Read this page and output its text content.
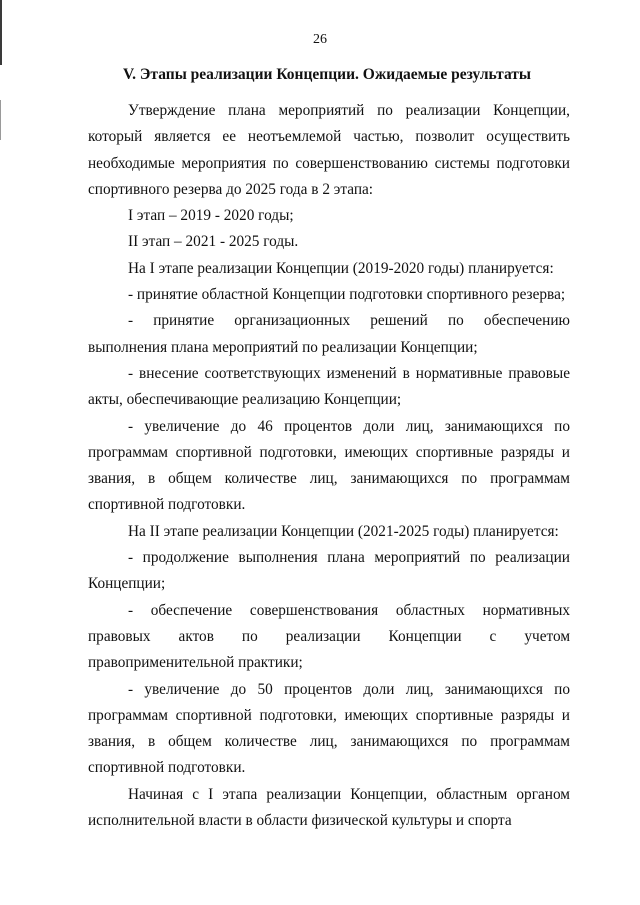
26
V. Этапы реализации Концепции. Ожидаемые результаты

Утверждение плана мероприятий по реализации Концепции, который является ее неотъемлемой частью, позволит осуществить необходимые мероприятия по совершенствованию системы подготовки спортивного резерва до 2025 года в 2 этапа:

I этап – 2019 - 2020 годы;

II этап – 2021 - 2025 годы.

На I этапе реализации Концепции (2019-2020 годы) планируется:

- принятие областной Концепции подготовки спортивного резерва;

- принятие организационных решений по обеспечению выполнения плана мероприятий по реализации Концепции;

- внесение соответствующих изменений в нормативные правовые акты, обеспечивающие реализацию Концепции;

- увеличение до 46 процентов доли лиц, занимающихся по программам спортивной подготовки, имеющих спортивные разряды и звания, в общем количестве лиц, занимающихся по программам спортивной подготовки.

На II этапе реализации Концепции (2021-2025 годы) планируется:

- продолжение выполнения плана мероприятий по реализации Концепции;

- обеспечение совершенствования областных нормативных правовых актов по реализации Концепции с учетом правоприменительной практики;

- увеличение до 50 процентов доли лиц, занимающихся по программам спортивной подготовки, имеющих спортивные разряды и звания, в общем количестве лиц, занимающихся по программам спортивной подготовки.

Начиная с I этапа реализации Концепции, областным органом исполнительной власти в области физической культуры и спорта
